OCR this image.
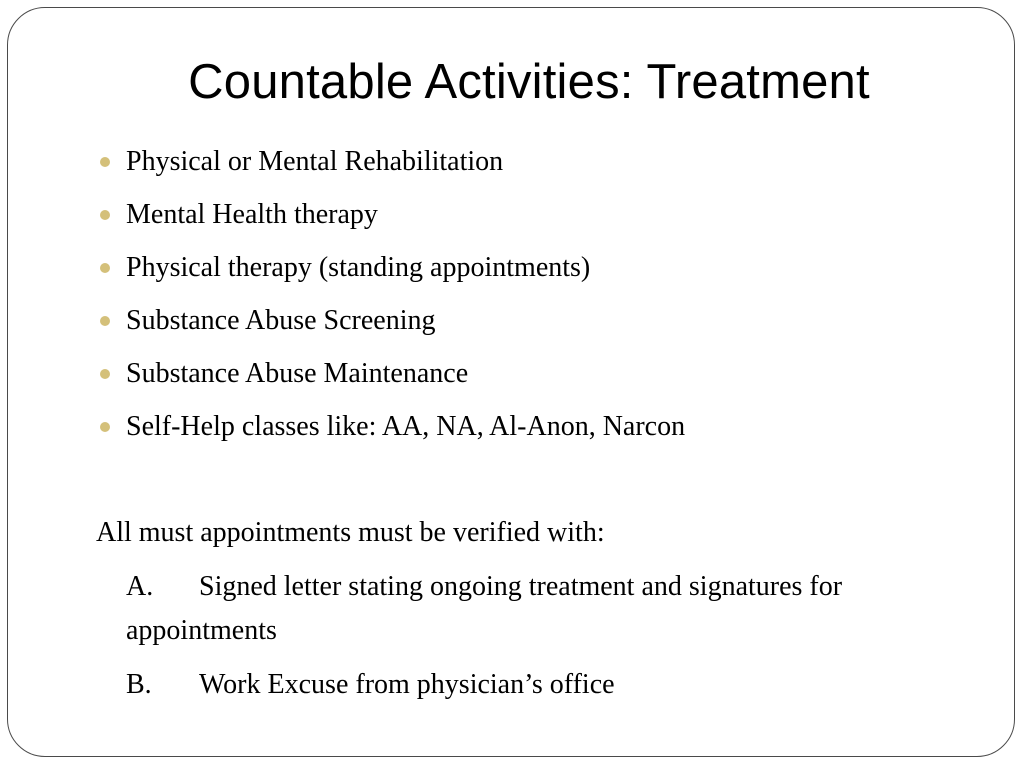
Countable Activities: Treatment
Physical or Mental Rehabilitation
Mental Health therapy
Physical therapy (standing appointments)
Substance Abuse Screening
Substance Abuse Maintenance
Self-Help classes like: AA, NA, Al-Anon, Narcon
All must appointments must be verified with:
A. Signed letter stating ongoing treatment and signatures for appointments
B. Work Excuse from physician’s office
